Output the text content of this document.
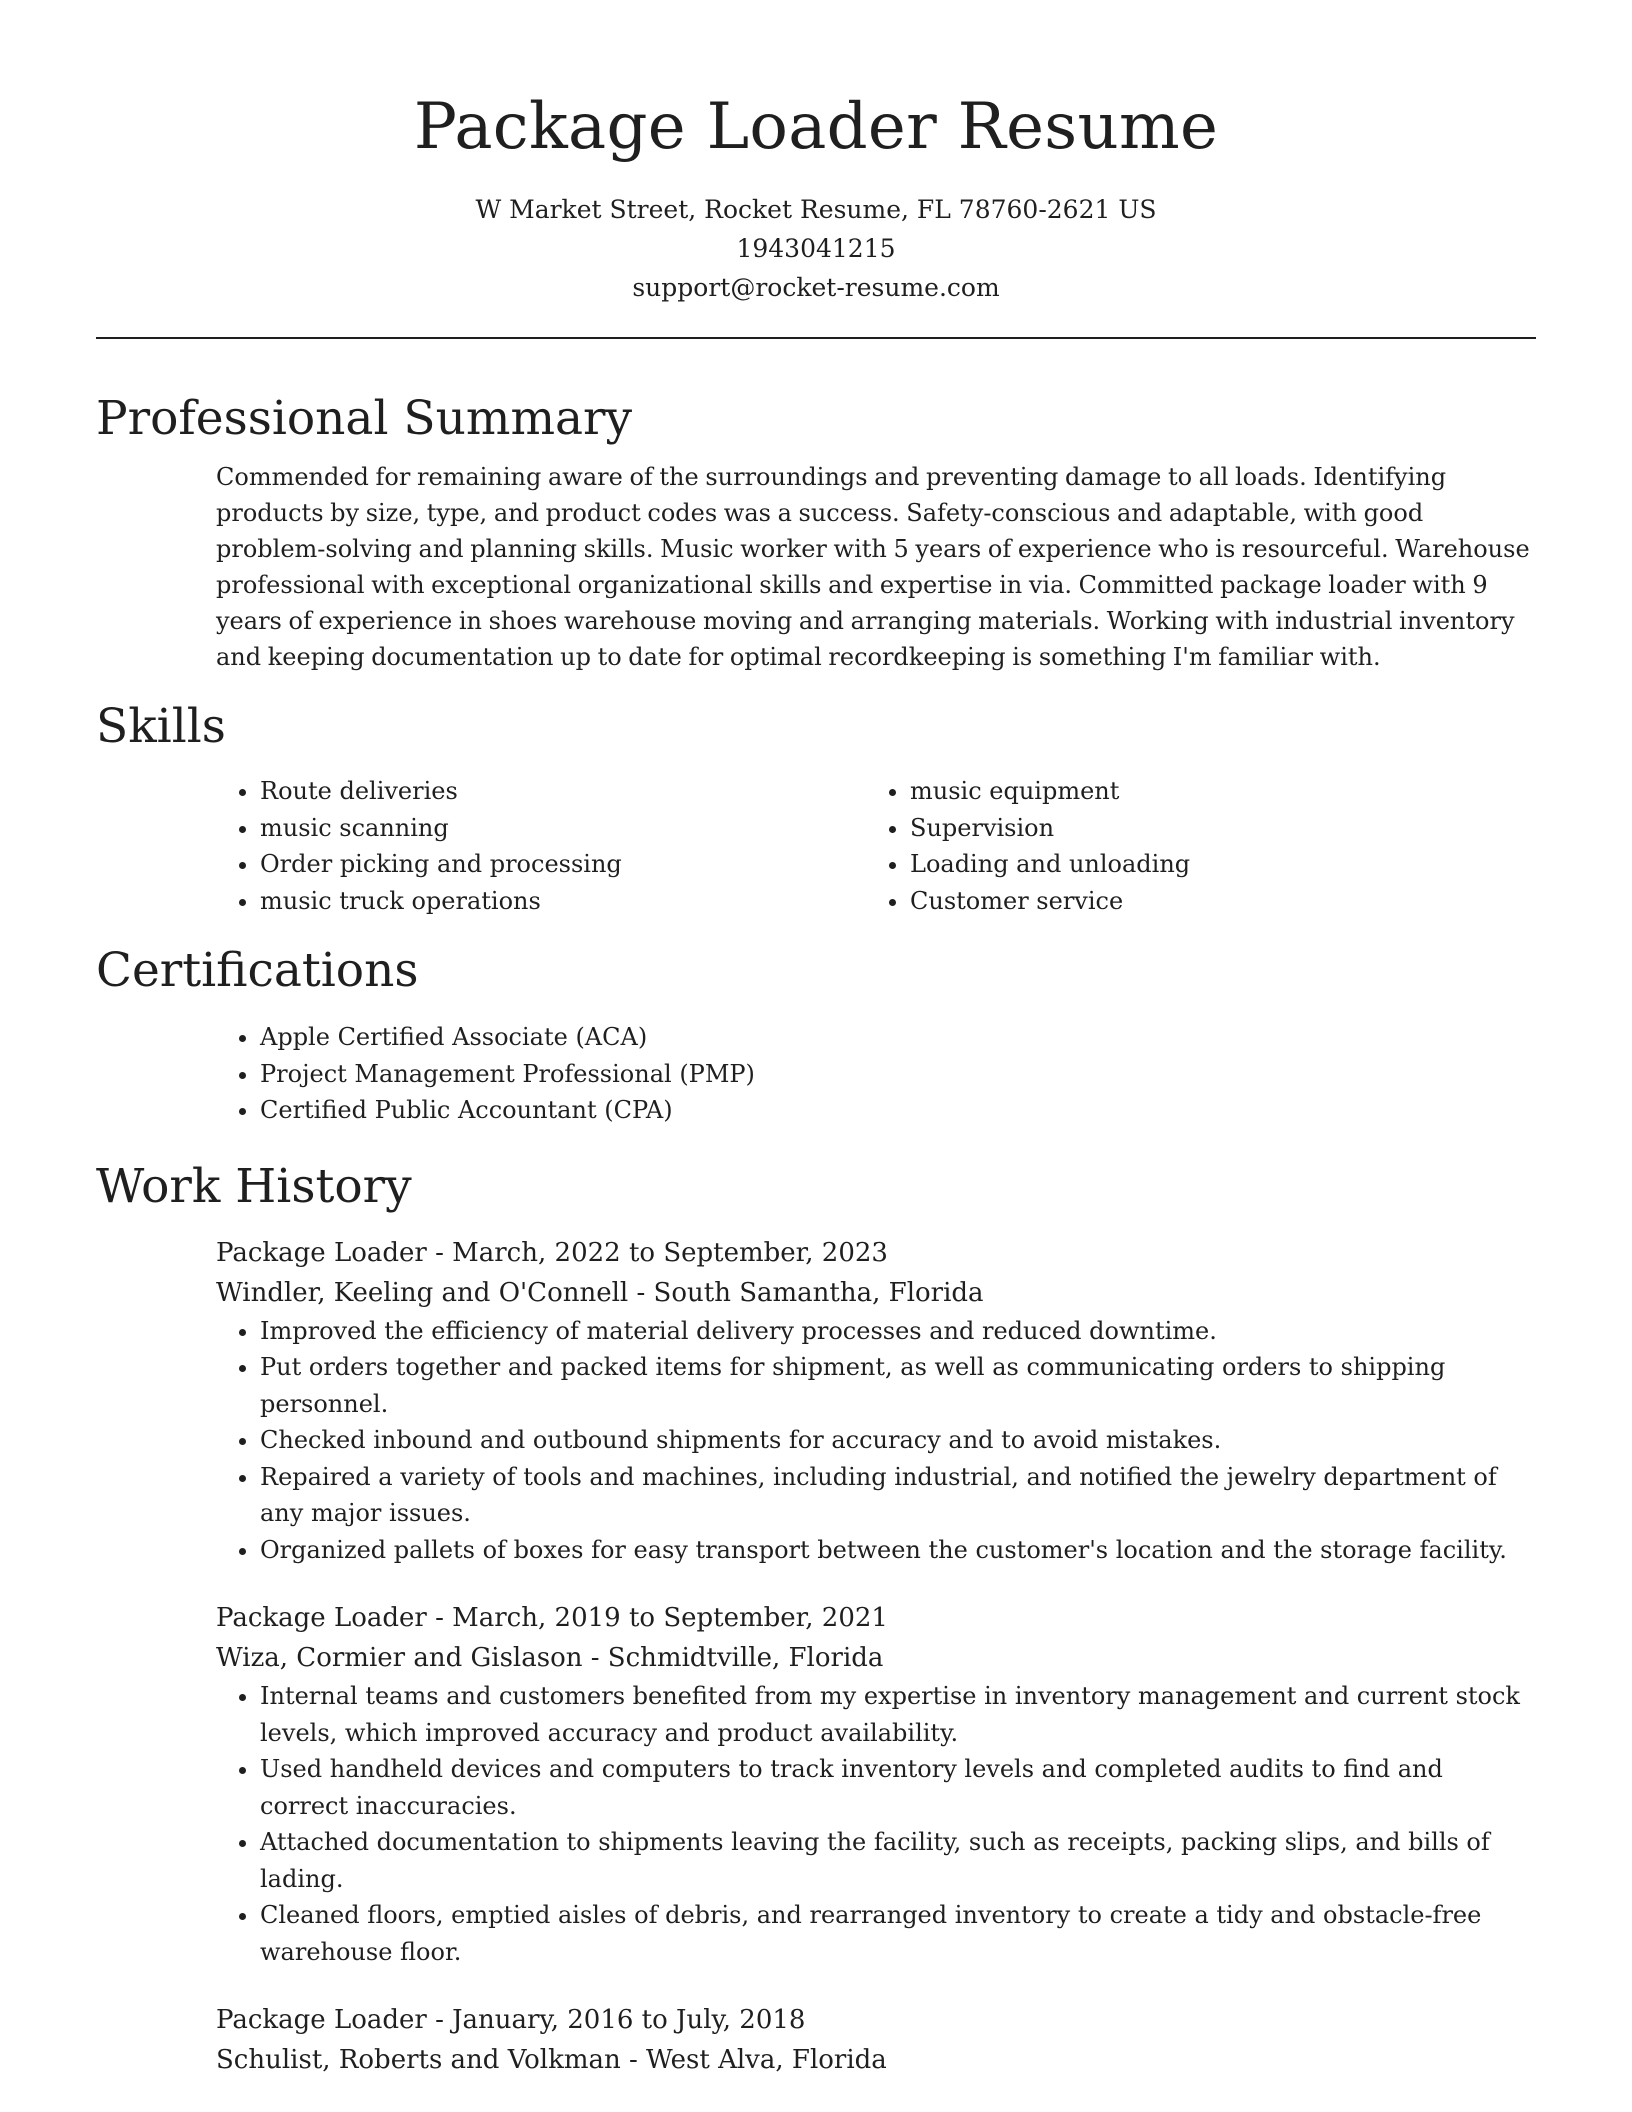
Package Loader Resume
W Market Street, Rocket Resume, FL 78760-2621 US
1943041215
support@rocket-resume.com
Professional Summary

Commended for remaining aware of the surroundings and preventing damage to all loads. Identifying products by size, type, and product codes was a success. Safety-conscious and adaptable, with good problem-solving and planning skills. Music worker with 5 years of experience who is resourceful. Warehouse professional with exceptional organizational skills and expertise in via. Committed package loader with 9 years of experience in shoes warehouse moving and arranging materials. Working with industrial inventory and keeping documentation up to date for optimal recordkeeping is something I'm familiar with.

Skills
• Route deliveries
• music scanning
• Order picking and processing
• music truck operations
• music equipment
• Supervision
• Loading and unloading
• Customer service
Certifications
• Apple Certified Associate (ACA)
• Project Management Professional (PMP)
• Certified Public Accountant (CPA)
Work History
Package Loader - March, 2022 to September, 2023
Windler, Keeling and O'Connell - South Samantha, Florida
• Improved the efficiency of material delivery processes and reduced downtime.
• Put orders together and packed items for shipment, as well as communicating orders to shipping personnel.
• Checked inbound and outbound shipments for accuracy and to avoid mistakes.
• Repaired a variety of tools and machines, including industrial, and notified the jewelry department of any major issues.
• Organized pallets of boxes for easy transport between the customer's location and the storage facility.
Package Loader - March, 2019 to September, 2021
Wiza, Cormier and Gislason - Schmidtville, Florida
• Internal teams and customers benefited from my expertise in inventory management and current stock levels, which improved accuracy and product availability.
• Used handheld devices and computers to track inventory levels and completed audits to find and correct inaccuracies.
• Attached documentation to shipments leaving the facility, such as receipts, packing slips, and bills of lading.
• Cleaned floors, emptied aisles of debris, and rearranged inventory to create a tidy and obstacle-free warehouse floor.
Package Loader - January, 2016 to July, 2018
Schulist, Roberts and Volkman - West Alva, Florida
